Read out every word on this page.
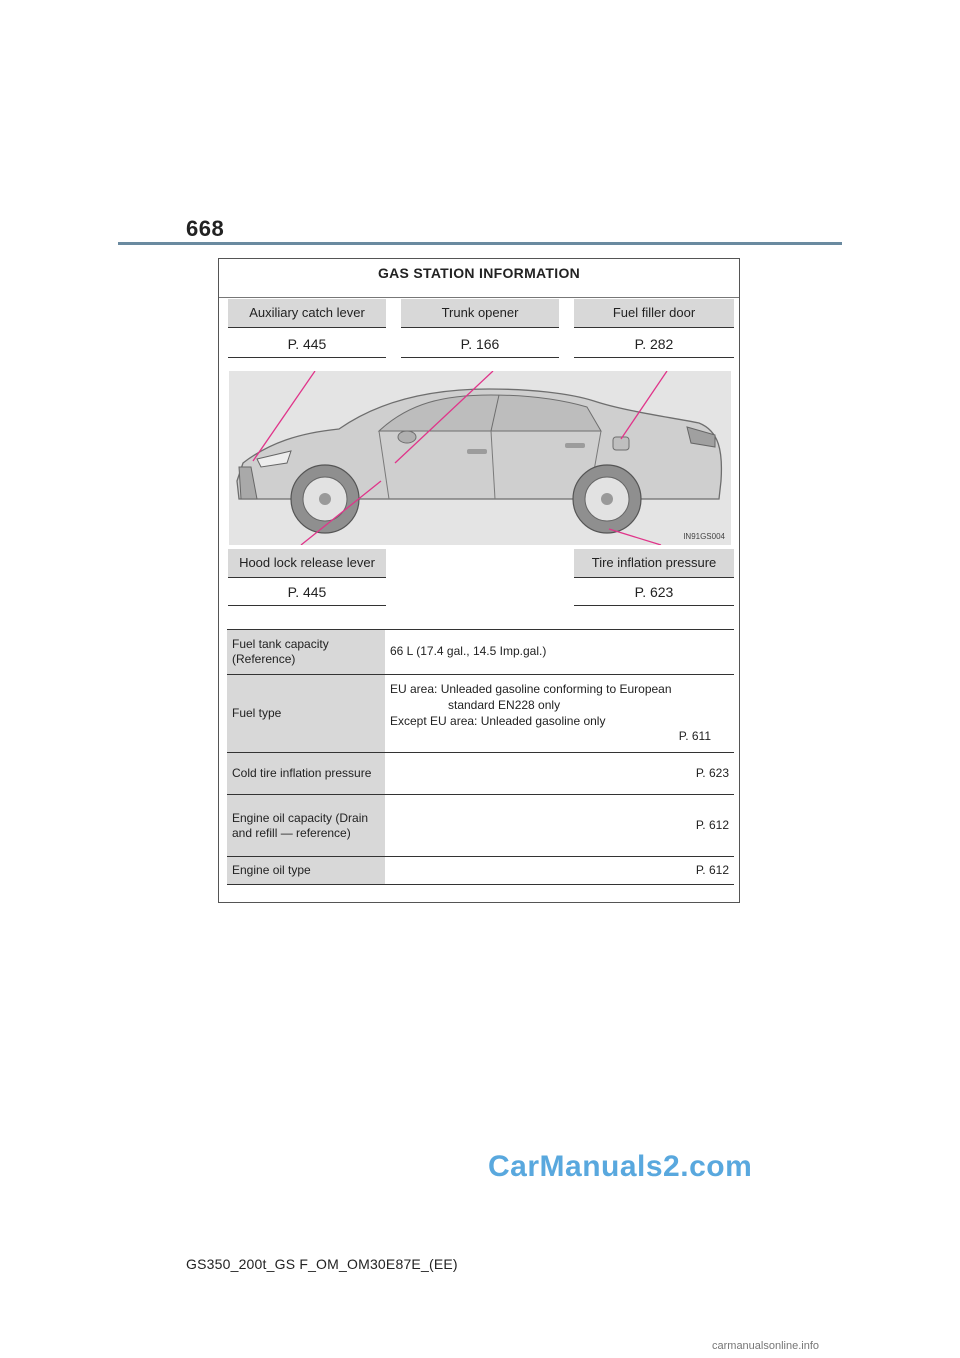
668
GAS STATION INFORMATION
Auxiliary catch lever
P. 445
Trunk opener
P. 166
Fuel filler door
P. 282
IN91GS004
Hood lock release lever
P. 445
Tire inflation pressure
P. 623
Fuel tank capacity (Reference)	66 L (17.4 gal., 14.5 Imp.gal.)
Fuel type	EU area: Unleaded gasoline conforming to European
standard EN228 only
Except EU area: Unleaded gasoline only
P. 611

Cold tire inflation pressure	P. 623
Engine oil capacity (Drain and refill — reference)	P. 612
Engine oil type	P. 612
CarManuals2.com
GS350_200t_GS F_OM_OM30E87E_(EE)
carmanualsonline.info
